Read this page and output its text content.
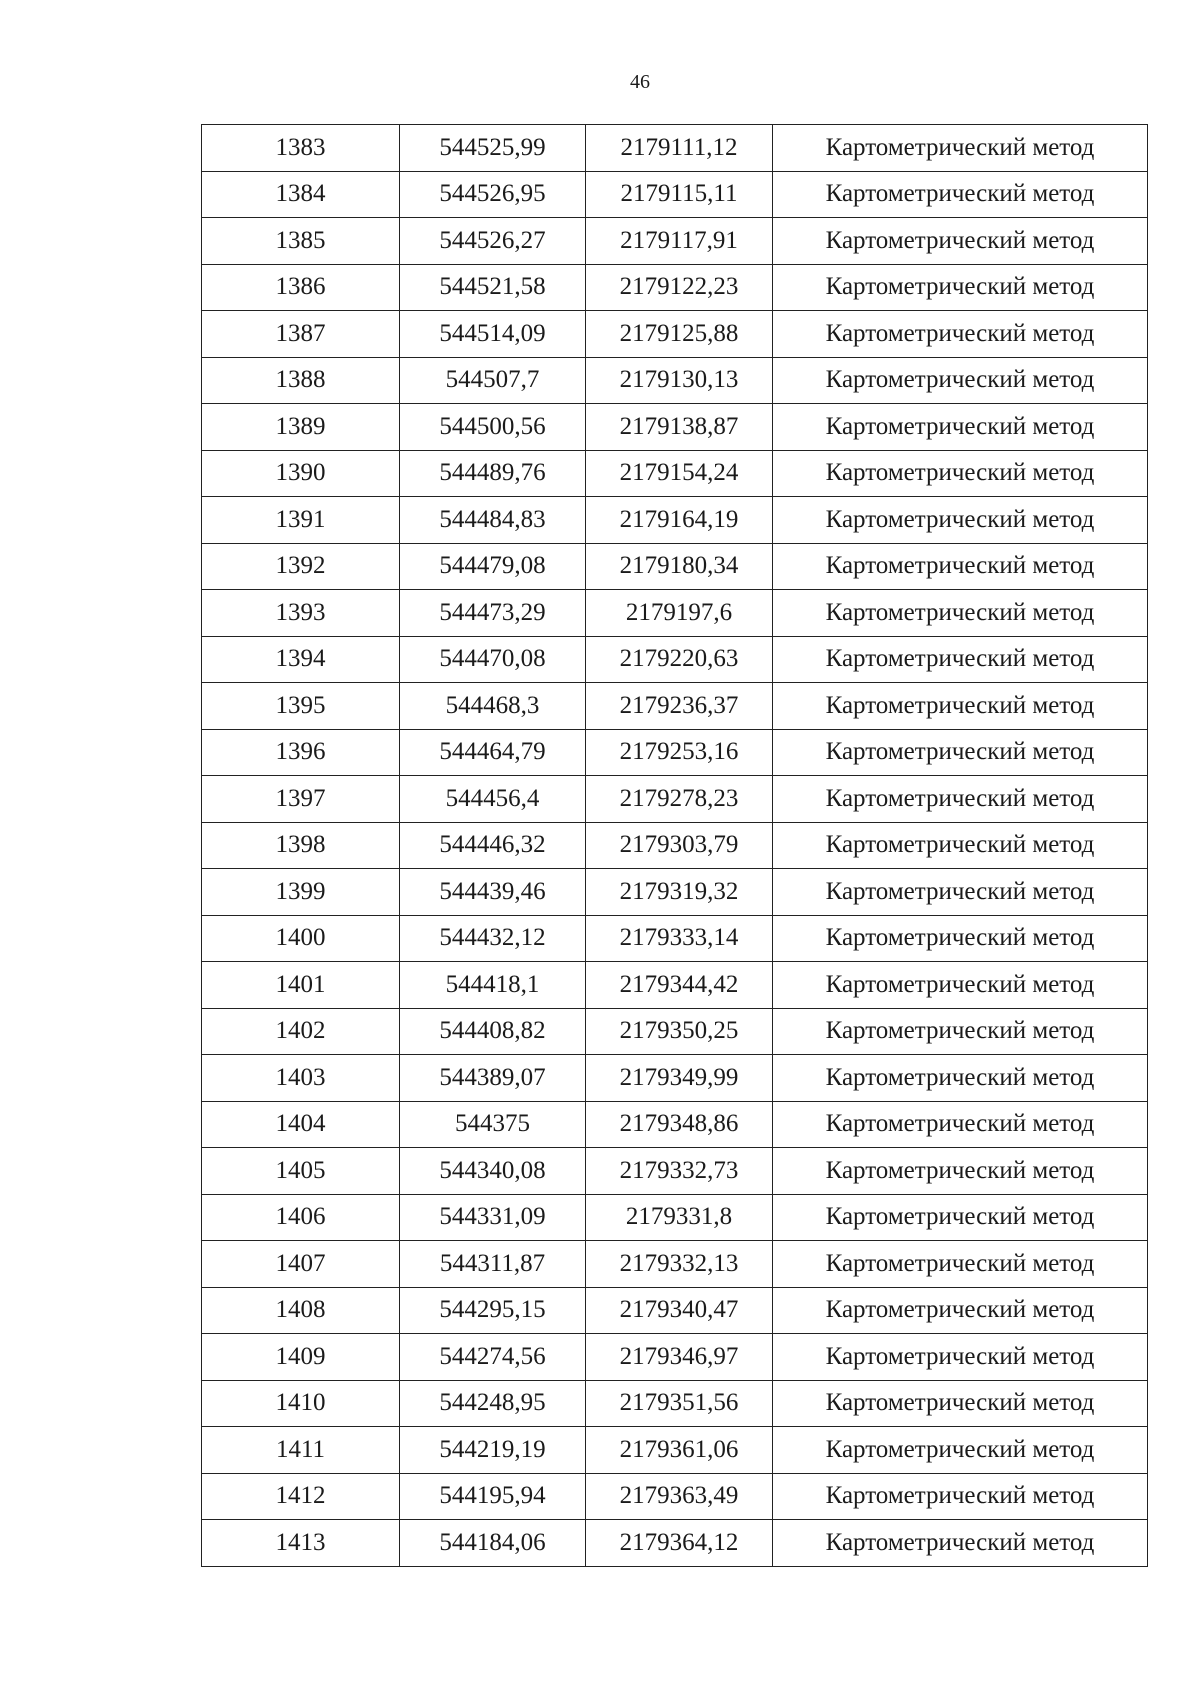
46
1383	544525,99	2179111,12	Картометрический метод
1384	544526,95	2179115,11	Картометрический метод
1385	544526,27	2179117,91	Картометрический метод
1386	544521,58	2179122,23	Картометрический метод
1387	544514,09	2179125,88	Картометрический метод
1388	544507,7	2179130,13	Картометрический метод
1389	544500,56	2179138,87	Картометрический метод
1390	544489,76	2179154,24	Картометрический метод
1391	544484,83	2179164,19	Картометрический метод
1392	544479,08	2179180,34	Картометрический метод
1393	544473,29	2179197,6	Картометрический метод
1394	544470,08	2179220,63	Картометрический метод
1395	544468,3	2179236,37	Картометрический метод
1396	544464,79	2179253,16	Картометрический метод
1397	544456,4	2179278,23	Картометрический метод
1398	544446,32	2179303,79	Картометрический метод
1399	544439,46	2179319,32	Картометрический метод
1400	544432,12	2179333,14	Картометрический метод
1401	544418,1	2179344,42	Картометрический метод
1402	544408,82	2179350,25	Картометрический метод
1403	544389,07	2179349,99	Картометрический метод
1404	544375	2179348,86	Картометрический метод
1405	544340,08	2179332,73	Картометрический метод
1406	544331,09	2179331,8	Картометрический метод
1407	544311,87	2179332,13	Картометрический метод
1408	544295,15	2179340,47	Картометрический метод
1409	544274,56	2179346,97	Картометрический метод
1410	544248,95	2179351,56	Картометрический метод
1411	544219,19	2179361,06	Картометрический метод
1412	544195,94	2179363,49	Картометрический метод
1413	544184,06	2179364,12	Картометрический метод
